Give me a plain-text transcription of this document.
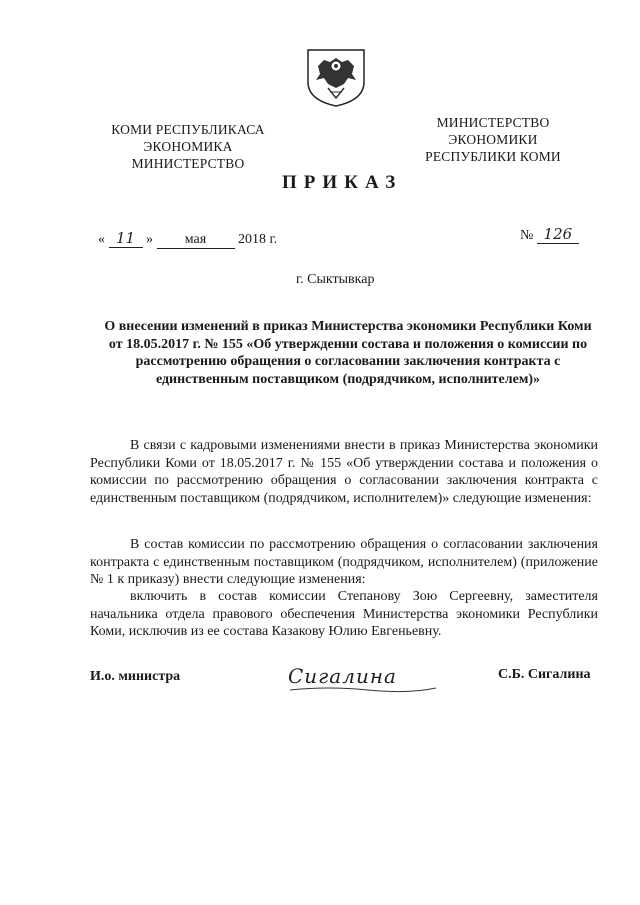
КОМИ РЕСПУБЛИКАСА
ЭКОНОМИКА МИНИСТЕРСТВО
МИНИСТЕРСТВО ЭКОНОМИКИ
РЕСПУБЛИКИ КОМИ
ПРИКАЗ
« 11 » мая 2018 г.	№ 126
г. Сыктывкар
О внесении изменений в приказ Министерства экономики Республики Коми от 18.05.2017 г. № 155 «Об утверждении состава и положения о комиссии по рассмотрению обращения о согласовании заключения контракта с единственным поставщиком (подрядчиком, исполнителем)»

В связи с кадровыми изменениями внести в приказ Министерства экономики Республики Коми от 18.05.2017 г. № 155 «Об утверждении состава и положения о комиссии по рассмотрению обращения о согласовании заключения контракта с единственным поставщиком (подрядчиком, исполнителем)» следующие изменения:

В состав комиссии по рассмотрению обращения о согласовании заключения контракта с единственным поставщиком (подрядчиком, исполнителем) (приложение № 1 к приказу) внести следующие изменения:

включить в состав комиссии Степанову Зою Сергеевну, заместителя начальника отдела правового обеспечения Министерства экономики Республики Коми, исключив из ее состава Казакову Юлию Евгеньевну.

И.о. министра	Сигалина	С.Б. Сигалина
